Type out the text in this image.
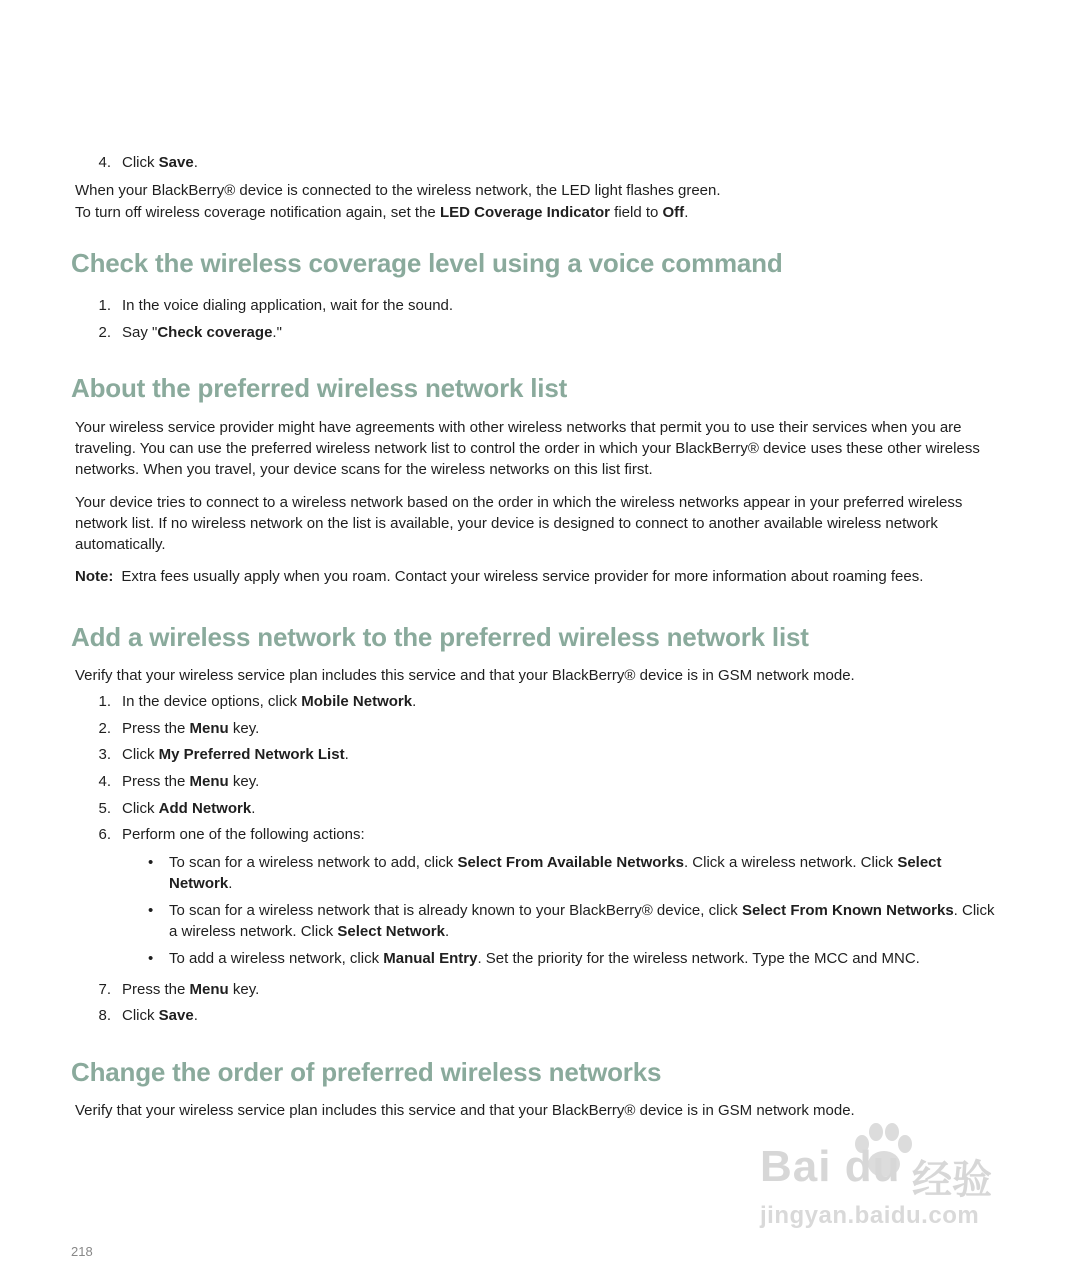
4. Click Save.

When your BlackBerry® device is connected to the wireless network, the LED light flashes green.

To turn off wireless coverage notification again, set the LED Coverage Indicator field to Off.

Check the wireless coverage level using a voice command
1. In the voice dialing application, wait for the sound.
2. Say "Check coverage."
About the preferred wireless network list

Your wireless service provider might have agreements with other wireless networks that permit you to use their services when you are traveling. You can use the preferred wireless network list to control the order in which your BlackBerry® device uses these other wireless networks. When you travel, your device scans for the wireless networks on this list first.

Your device tries to connect to a wireless network based on the order in which the wireless networks appear in your preferred wireless network list. If no wireless network on the list is available, your device is designed to connect to another available wireless network automatically.

Note: Extra fees usually apply when you roam. Contact your wireless service provider for more information about roaming fees.

Add a wireless network to the preferred wireless network list

Verify that your wireless service plan includes this service and that your BlackBerry® device is in GSM network mode.

1. In the device options, click Mobile Network.
2. Press the Menu key.
3. Click My Preferred Network List.
4. Press the Menu key.
5. Click Add Network.
6. Perform one of the following actions:
• To scan for a wireless network to add, click Select From Available Networks. Click a wireless network. Click Select Network.
• To scan for a wireless network that is already known to your BlackBerry® device, click Select From Known Networks. Click a wireless network. Click Select Network.
• To add a wireless network, click Manual Entry. Set the priority for the wireless network. Type the MCC and MNC.
7. Press the Menu key.
8. Click Save.
Change the order of preferred wireless networks

Verify that your wireless service plan includes this service and that your BlackBerry® device is in GSM network mode.

Bai du 经验
jingyan.baidu.com
218
